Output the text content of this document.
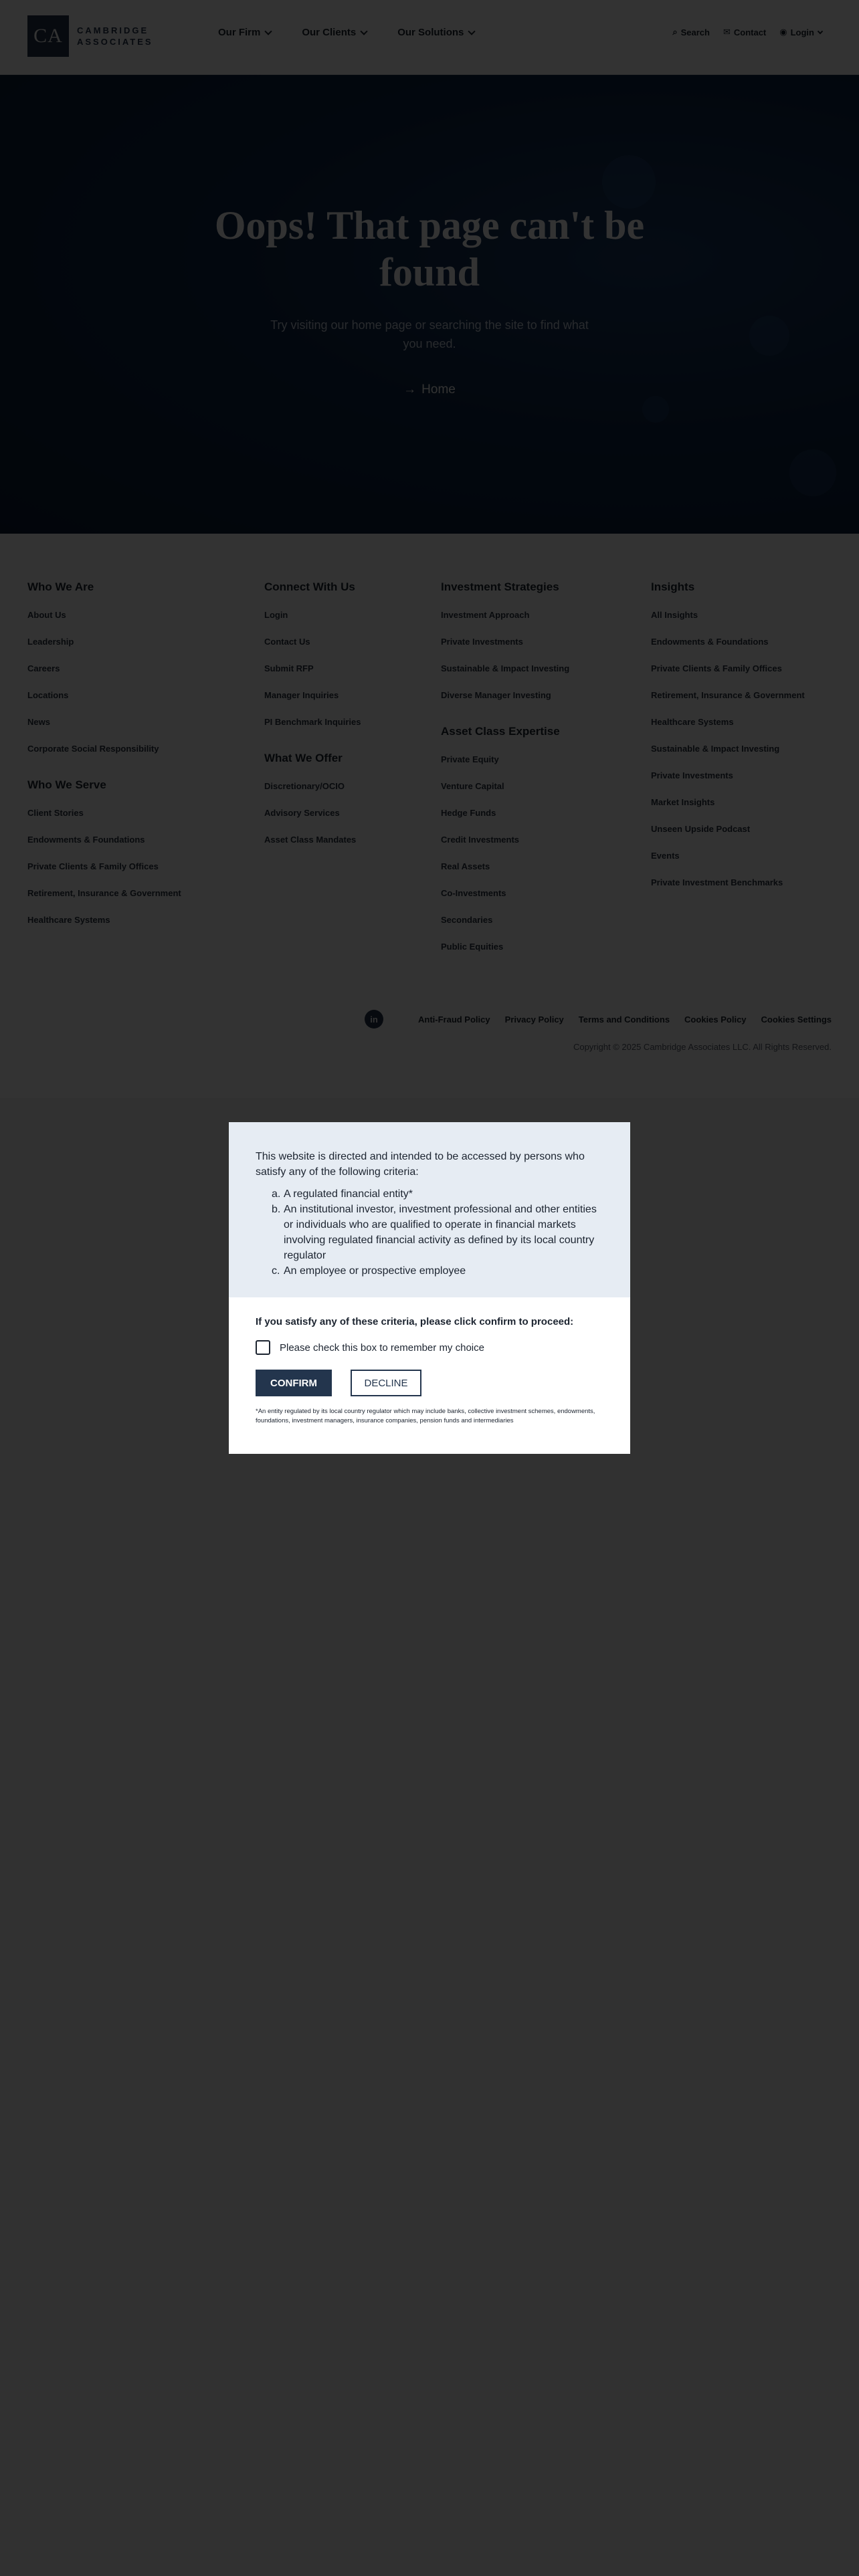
This website is directed and intended to be accessed by persons who satisfy any of the following criteria:

a. A regulated financial entity*
b. An institutional investor, investment professional and other entities or individuals who are qualified to operate in financial markets involving regulated financial activity as defined by its local country regulator
c. An employee or prospective employee

If you satisfy any of these criteria, please click confirm to proceed:

Please check this box to remember my choice
CONFIRM	DECLINE

*An entity regulated by its local country regulator which may include banks, collective investment schemes, endowments, foundations, investment managers, insurance companies, pension funds and intermediaries
